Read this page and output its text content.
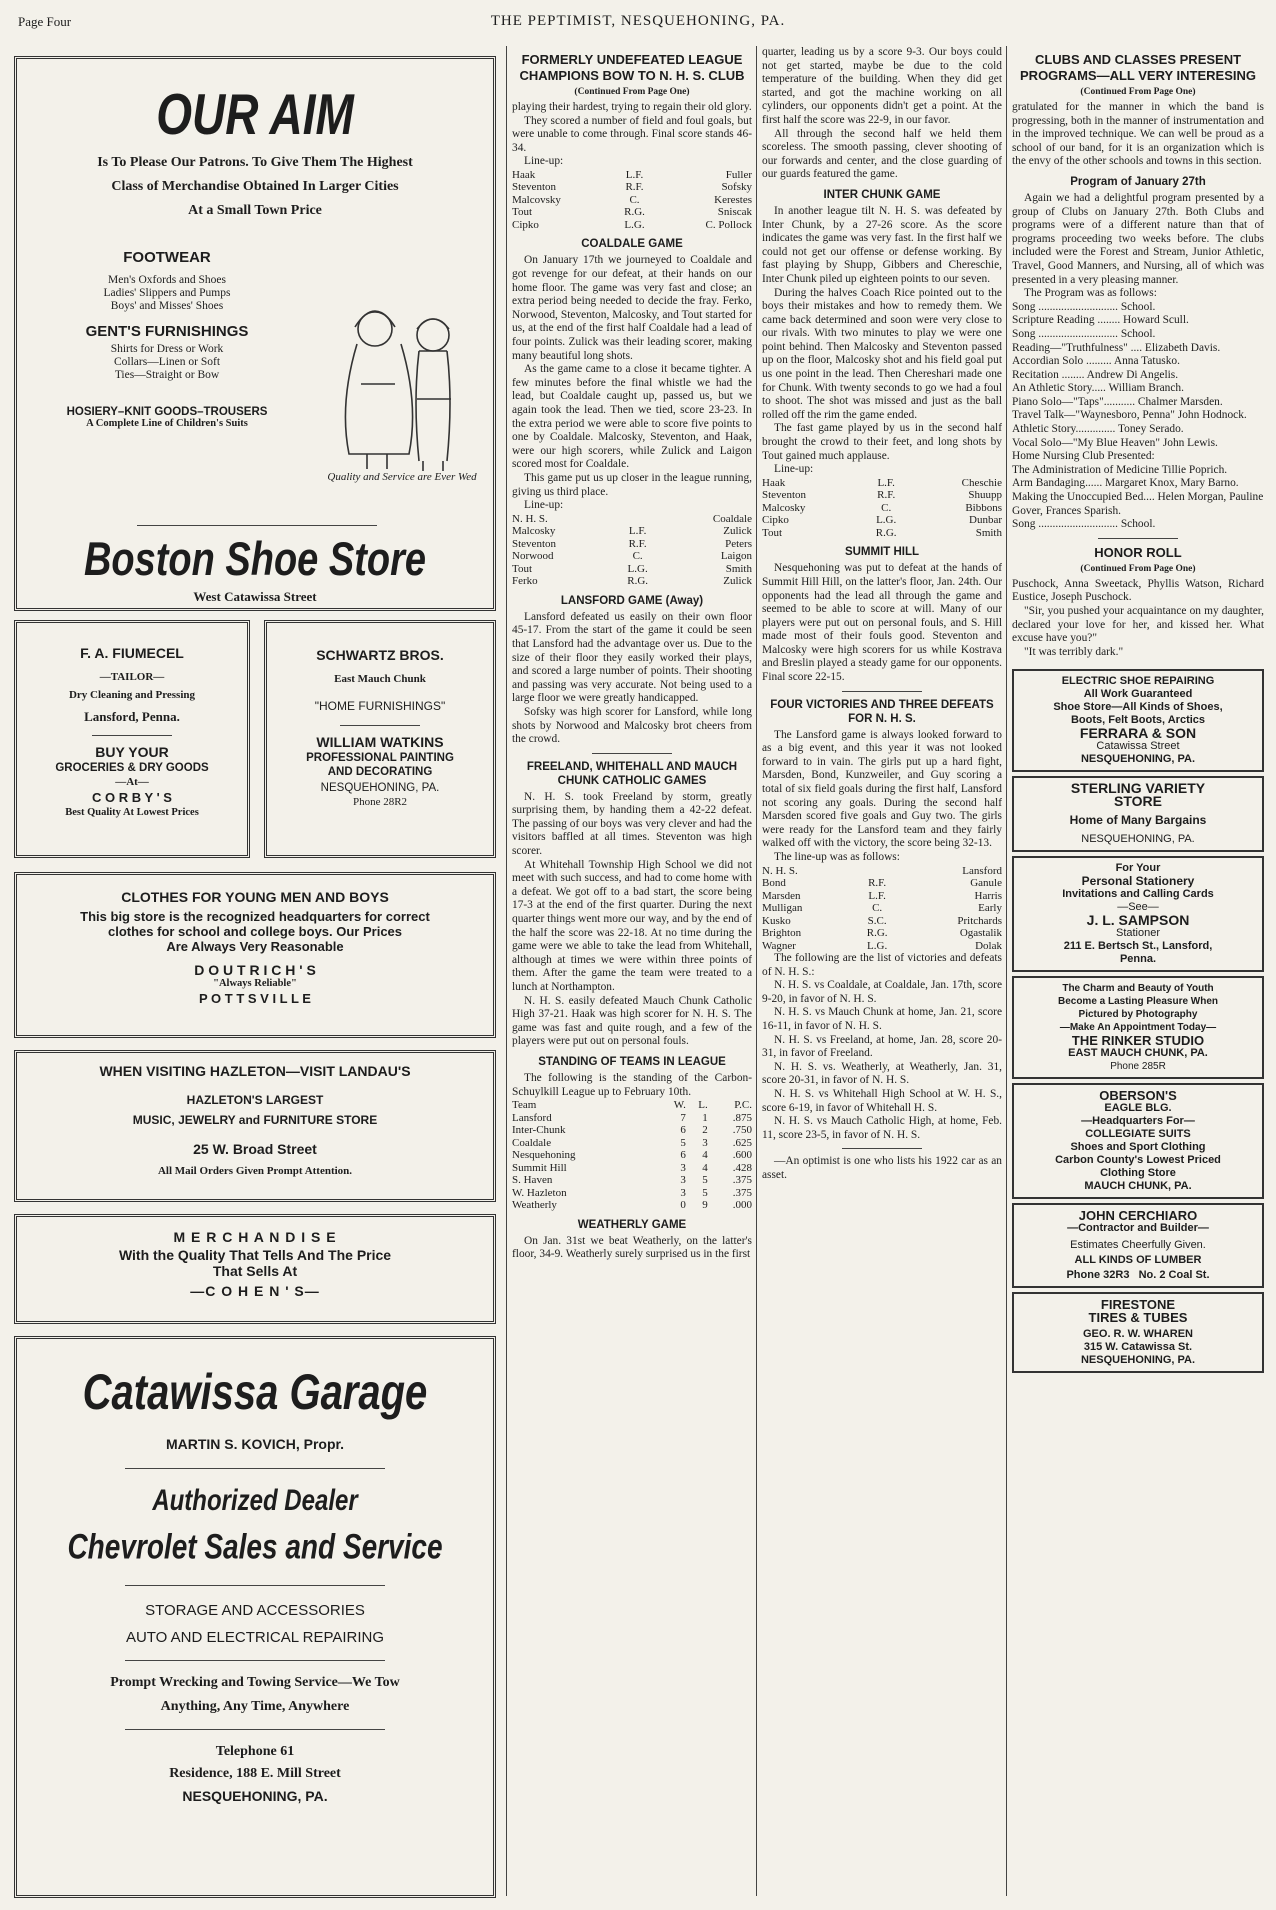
Page Four	THE PEPTIMIST, NESQUEHONING, PA.
OUR AIM
Is To Please Our Patrons. To Give Them The Highest
Class of Merchandise Obtained In Larger Cities
At a Small Town Price
FOOTWEAR
Men's Oxfords and Shoes
Ladies' Slippers and Pumps
Boys' and Misses' Shoes
GENT'S FURNISHINGS
Shirts for Dress or Work
Collars—Linen or Soft
Ties—Straight or Bow
HOSIERY–KNIT GOODS–TROUSERS
A Complete Line of Children's Suits
Quality and Service are Ever Wed
Boston Shoe Store
West Catawissa Street
F. A. FIUMECEL
—TAILOR—
Dry Cleaning and Pressing
Lansford, Penna.
BUY YOUR
GROCERIES & DRY GOODS
—At—
C O R B Y ' S
Best Quality At Lowest Prices
SCHWARTZ BROS.
East Mauch Chunk
"HOME FURNISHINGS"
WILLIAM WATKINS
PROFESSIONAL PAINTING
AND DECORATING
NESQUEHONING, PA.
Phone 28R2
CLOTHES FOR YOUNG MEN AND BOYS
This big store is the recognized headquarters for correct
clothes for school and college boys. Our Prices
Are Always Very Reasonable
D O U T R I C H ' S
"Always Reliable"
P O T T S V I L L E
WHEN VISITING HAZLETON—VISIT LANDAU'S
HAZLETON'S LARGEST
MUSIC, JEWELRY and FURNITURE STORE
25 W. Broad Street
All Mail Orders Given Prompt Attention.
M E R C H A N D I S E
With the Quality That Tells And The Price
That Sells At
—C O H E N ' S—
Catawissa Garage
MARTIN S. KOVICH, Propr.
Authorized Dealer
Chevrolet Sales and Service
STORAGE AND ACCESSORIES
AUTO AND ELECTRICAL REPAIRING
Prompt Wrecking and Towing Service—We Tow
Anything, Any Time, Anywhere
Telephone 61
Residence, 188 E. Mill Street
NESQUEHONING, PA.
FORMERLY UNDEFEATED LEAGUE CHAMPIONS BOW TO N. H. S. CLUB
(Continued From Page One)

playing their hardest, trying to regain their old glory.

They scored a number of field and foul goals, but were unable to come through. Final score stands 46-34.

Line-up:
Haak	L.F.	Fuller
Steventon	R.F.	Sofsky
Malcovsky	C.	Kerestes
Tout	R.G.	Sniscak
Cipko	L.G.	C. Pollock
COALDALE GAME

On January 17th we journeyed to Coaldale and got revenge for our defeat, at their hands on our home floor. The game was very fast and close; an extra period being needed to decide the fray. Ferko, Norwood, Steventon, Malcosky, and Tout started for us, at the end of the first half Coaldale had a lead of four points. Zulick was their leading scorer, making many beautiful long shots.

As the game came to a close it became tighter. A few minutes before the final whistle we had the lead, but Coaldale caught up, passed us, but we again took the lead. Then we tied, score 23-23. In the extra period we were able to score five points to one by Coaldale. Malcosky, Steventon, and Haak, were our high scorers, while Zulick and Laigon scored most for Coaldale.

This game put us up closer in the league running, giving us third place.

Line-up:
N. H. S.		Coaldale
Malcosky	L.F.	Zulick
Steventon	R.F.	Peters
Norwood	C.	Laigon
Tout	L.G.	Smith
Ferko	R.G.	Zulick
LANSFORD GAME (Away)

Lansford defeated us easily on their own floor 45-17. From the start of the game it could be seen that Lansford had the advantage over us. Due to the size of their floor they easily worked their plays, and scored a large number of points. Their shooting and passing was very accurate. Not being used to a large floor we were greatly handicapped.

Sofsky was high scorer for Lansford, while long shots by Norwood and Malcosky brot cheers from the crowd.

FREELAND, WHITEHALL AND MAUCH CHUNK CATHOLIC GAMES

N. H. S. took Freeland by storm, greatly surprising them, by handing them a 42-22 defeat. The passing of our boys was very clever and had the visitors baffled at all times. Steventon was high scorer.

At Whitehall Township High School we did not meet with such success, and had to come home with a defeat. We got off to a bad start, the score being 17-3 at the end of the first quarter. During the next quarter things went more our way, and by the end of the half the score was 22-18. At no time during the game were we able to take the lead from Whitehall, although at times we were within three points of them. After the game the team were treated to a lunch at Northampton.

N. H. S. easily defeated Mauch Chunk Catholic High 37-21. Haak was high scorer for N. H. S. The game was fast and quite rough, and a few of the players were put out on personal fouls.

STANDING OF TEAMS IN LEAGUE

The following is the standing of the Carbon-Schuylkill League up to February 10th.

Team	W.	L.	P.C.
Lansford	7	1	.875
Inter-Chunk	6	2	.750
Coaldale	5	3	.625
Nesquehoning	6	4	.600
Summit Hill	3	4	.428
S. Haven	3	5	.375
W. Hazleton	3	5	.375
Weatherly	0	9	.000
WEATHERLY GAME

On Jan. 31st we beat Weatherly, on the latter's floor, 34-9. Weatherly surely surprised us in the first

quarter, leading us by a score 9-3. Our boys could not get started, maybe be due to the cold temperature of the building. When they did get started, and got the machine working on all cylinders, our opponents didn't get a point. At the first half the score was 22-9, in our favor.

All through the second half we held them scoreless. The smooth passing, clever shooting of our forwards and center, and the close guarding of our guards featured the game.

INTER CHUNK GAME

In another league tilt N. H. S. was defeated by Inter Chunk, by a 27-26 score. As the score indicates the game was very fast. In the first half we could not get our offense or defense working. By fast playing by Shupp, Gibbers and Chereschie, Inter Chunk piled up eighteen points to our seven.

During the halves Coach Rice pointed out to the boys their mistakes and how to remedy them. We came back determined and soon were very close to our rivals. With two minutes to play we were one point behind. Then Malcosky and Steventon passed up on the floor, Malcosky shot and his field goal put us one point in the lead. Then Chereshari made one for Chunk. With twenty seconds to go we had a foul to shoot. The shot was missed and just as the ball rolled off the rim the game ended.

The fast game played by us in the second half brought the crowd to their feet, and long shots by Tout gained much applause.

Line-up:
Haak	L.F.	Cheschie
Steventon	R.F.	Shuupp
Malcosky	C.	Bibbons
Cipko	L.G.	Dunbar
Tout	R.G.	Smith
SUMMIT HILL

Nesquehoning was put to defeat at the hands of Summit Hill Hill, on the latter's floor, Jan. 24th. Our opponents had the lead all through the game and seemed to be able to score at will. Many of our players were put out on personal fouls, and S. Hill made most of their fouls good. Steventon and Malcosky were high scorers for us while Kostrava and Breslin played a steady game for our opponents. Final score 22-15.

FOUR VICTORIES AND THREE DEFEATS FOR N. H. S.

The Lansford game is always looked forward to as a big event, and this year it was not looked forward to in vain. The girls put up a hard fight, Marsden, Bond, Kunzweiler, and Guy scoring a total of six field goals during the first half, Lansford not scoring any goals. During the second half Marsden scored five goals and Guy two. The girls were ready for the Lansford team and they fairly walked off with the victory, the score being 32-13.

The line-up was as follows:
N. H. S.		Lansford
Bond	R.F.	Ganule
Marsden	L.F.	Harris
Mulligan	C.	Early
Kusko	S.C.	Pritchards
Brighton	R.G.	Ogastalik
Wagner	L.G.	Dolak

The following are the list of victories and defeats of N. H. S.:

N. H. S. vs Coaldale, at Coaldale, Jan. 17th, score 9-20, in favor of N. H. S.

N. H. S. vs Mauch Chunk at home, Jan. 21, score 16-11, in favor of N. H. S.

N. H. S. vs Freeland, at home, Jan. 28, score 20-31, in favor of Freeland.

N. H. S. vs. Weatherly, at Weatherly, Jan. 31, score 20-31, in favor of N. H. S.

N. H. S. vs Whitehall High School at W. H. S., score 6-19, in favor of Whitehall H. S.

N. H. S. vs Mauch Catholic High, at home, Feb. 11, score 23-5, in favor of N. H. S.

—An optimist is one who lists his 1922 car as an asset.

CLUBS AND CLASSES PRESENT PROGRAMS—ALL VERY INTERESING
(Continued From Page One)

gratulated for the manner in which the band is progressing, both in the manner of instrumentation and in the improved technique. We can well be proud as a school of our band, for it is an organization which is the envy of the other schools and towns in this section.

Program of January 27th

Again we had a delightful program presented by a group of Clubs on January 27th. Both Clubs and programs were of a different nature than that of programs proceeding two weeks before. The clubs included were the Forest and Stream, Junior Athletic, Travel, Good Manners, and Nursing, all of which was presented in a very pleasing manner.

The Program was as follows:

Song ............................ School.
Scripture Reading ........ Howard Scull.
Song ............................ School.
Reading—"Truthfulness" .... Elizabeth Davis.
Accordian Solo ......... Anna Tatusko.
Recitation ........ Andrew Di Angelis.
An Athletic Story..... William Branch.
Piano Solo—"Taps"........... Chalmer Marsden.
Travel Talk—"Waynesboro, Penna" John Hodnock.
Athletic Story.............. Toney Serado.
Vocal Solo—"My Blue Heaven" John Lewis.
Home Nursing Club Presented:
The Administration of Medicine Tillie Poprich.
Arm Bandaging...... Margaret Knox, Mary Barno.
Making the Unoccupied Bed.... Helen Morgan, Pauline Gover, Frances Sparish.
Song ............................ School.
HONOR ROLL
(Continued From Page One)

Puschock, Anna Sweetack, Phyllis Watson, Richard Eustice, Joseph Puschock.

"Sir, you pushed your acquaintance on my daughter, declared your love for her, and kissed her. What excuse have you?"

"It was terribly dark."

ELECTRIC SHOE REPAIRING
All Work Guaranteed
Shoe Store—All Kinds of Shoes,
Boots, Felt Boots, Arctics
FERRARA & SON
Catawissa Street
NESQUEHONING, PA.
STERLING VARIETY
STORE
Home of Many Bargains
NESQUEHONING, PA.
For Your
Personal Stationery
Invitations and Calling Cards
—See—
J. L. SAMPSON
Stationer
211 E. Bertsch St., Lansford,
Penna.
The Charm and Beauty of Youth
Become a Lasting Pleasure When
Pictured by Photography
—Make An Appointment Today—
THE RINKER STUDIO
EAST MAUCH CHUNK, PA.
Phone 285R
OBERSON'S
EAGLE BLG.
—Headquarters For—
COLLEGIATE SUITS
Shoes and Sport Clothing
Carbon County's Lowest Priced
Clothing Store
MAUCH CHUNK, PA.
JOHN CERCHIARO
—Contractor and Builder—
Estimates Cheerfully Given.
ALL KINDS OF LUMBER
Phone 32R3 No. 2 Coal St.
FIRESTONE
TIRES & TUBES
GEO. R. W. WHAREN
315 W. Catawissa St.
NESQUEHONING, PA.
